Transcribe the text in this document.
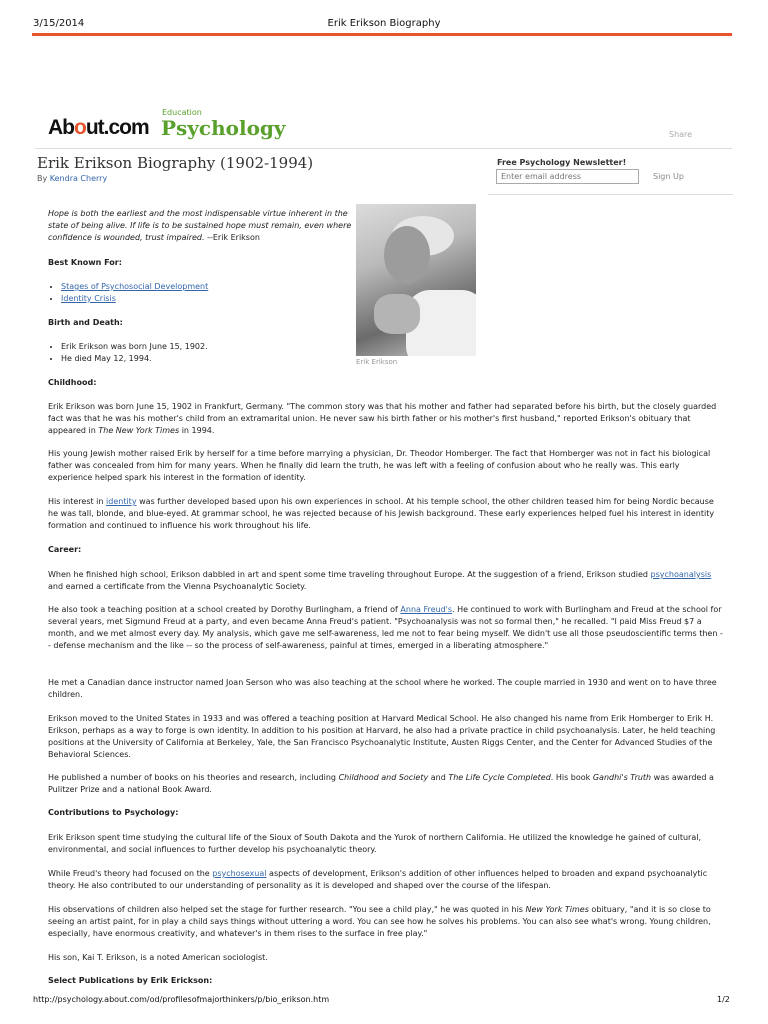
3/15/2014	Erik Erikson Biography
About.com
Education
Psychology	Share
Erik Erikson Biography (1902-1994)
By Kendra Cherry
Free Psychology Newsletter!
Enter email address
Sign Up

Hope is both the earliest and the most indispensable virtue inherent in the state of being alive. If life is to be sustained hope must remain, even where confidence is wounded, trust impaired. --Erik Erikson

Erik Erikson
Best Known For:
• Stages of Psychosocial Development
• Identity Crisis
Birth and Death:
• Erik Erikson was born June 15, 1902.
• He died May 12, 1994.
Childhood:

Erik Erikson was born June 15, 1902 in Frankfurt, Germany. "The common story was that his mother and father had separated before his birth, but the closely guarded fact was that he was his mother's child from an extramarital union. He never saw his birth father or his mother's first husband," reported Erikson's obituary that appeared in The New York Times in 1994.

His young Jewish mother raised Erik by herself for a time before marrying a physician, Dr. Theodor Homberger. The fact that Homberger was not in fact his biological father was concealed from him for many years. When he finally did learn the truth, he was left with a feeling of confusion about who he really was. This early experience helped spark his interest in the formation of identity.

His interest in identity was further developed based upon his own experiences in school. At his temple school, the other children teased him for being Nordic because he was tall, blonde, and blue-eyed. At grammar school, he was rejected because of his Jewish background. These early experiences helped fuel his interest in identity formation and continued to influence his work throughout his life.

Career:

When he finished high school, Erikson dabbled in art and spent some time traveling throughout Europe. At the suggestion of a friend, Erikson studied psychoanalysis and earned a certificate from the Vienna Psychoanalytic Society.

He also took a teaching position at a school created by Dorothy Burlingham, a friend of Anna Freud's. He continued to work with Burlingham and Freud at the school for several years, met Sigmund Freud at a party, and even became Anna Freud's patient. "Psychoanalysis was not so formal then," he recalled. "I paid Miss Freud $7 a month, and we met almost every day. My analysis, which gave me self-awareness, led me not to fear being myself. We didn't use all those pseudoscientific terms then -- defense mechanism and the like -- so the process of self-awareness, painful at times, emerged in a liberating atmosphere."

He met a Canadian dance instructor named Joan Serson who was also teaching at the school where he worked. The couple married in 1930 and went on to have three children.

Erikson moved to the United States in 1933 and was offered a teaching position at Harvard Medical School. He also changed his name from Erik Homberger to Erik H. Erikson, perhaps as a way to forge is own identity. In addition to his position at Harvard, he also had a private practice in child psychoanalysis. Later, he held teaching positions at the University of California at Berkeley, Yale, the San Francisco Psychoanalytic Institute, Austen Riggs Center, and the Center for Advanced Studies of the Behavioral Sciences.

He published a number of books on his theories and research, including Childhood and Society and The Life Cycle Completed. His book Gandhi's Truth was awarded a Pulitzer Prize and a national Book Award.

Contributions to Psychology:

Erik Erikson spent time studying the cultural life of the Sioux of South Dakota and the Yurok of northern California. He utilized the knowledge he gained of cultural, environmental, and social influences to further develop his psychoanalytic theory.

While Freud's theory had focused on the psychosexual aspects of development, Erikson's addition of other influences helped to broaden and expand psychoanalytic theory. He also contributed to our understanding of personality as it is developed and shaped over the course of the lifespan.

His observations of children also helped set the stage for further research. "You see a child play," he was quoted in his New York Times obituary, "and it is so close to seeing an artist paint, for in play a child says things without uttering a word. You can see how he solves his problems. You can also see what's wrong. Young children, especially, have enormous creativity, and whatever's in them rises to the surface in free play."

His son, Kai T. Erikson, is a noted American sociologist.

Select Publications by Erik Erickson:
http://psychology.about.com/od/profilesofmajorthinkers/p/bio_erikson.htm	1/2
